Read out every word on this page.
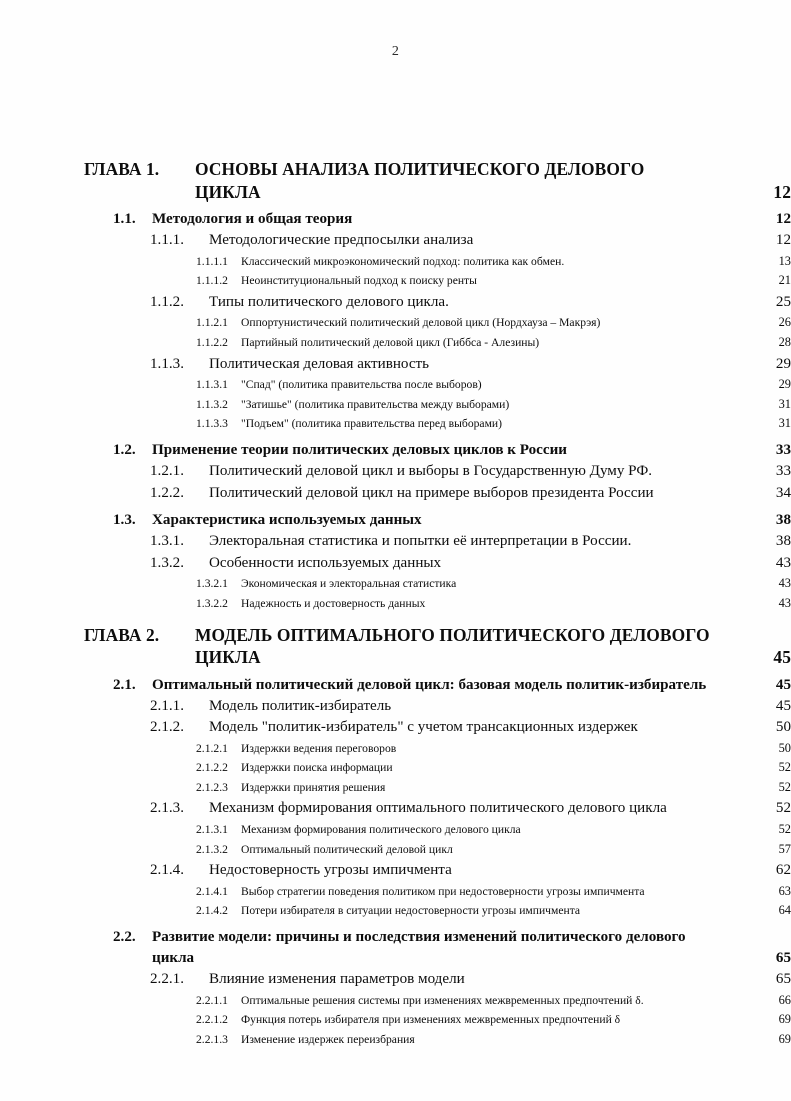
2
ГЛАВА 1. ОСНОВЫ АНАЛИЗА ПОЛИТИЧЕСКОГО ДЕЛОВОГО ЦИКЛА	12
1.1. Методология и общая теория	12
1.1.1. Методологические предпосылки анализа	12
1.1.1.1 Классический микроэкономический подход: политика как обмен.	13
1.1.1.2 Неоинституциональный подход к поиску ренты	21
1.1.2. Типы политического делового цикла.	25
1.1.2.1 Оппортунистический политический деловой цикл (Нордхауза – Макрэя)	26
1.1.2.2 Партийный политический деловой цикл (Гиббса - Алезины)	28
1.1.3. Политическая деловая активность	29
1.1.3.1 "Спад" (политика правительства после выборов)	29
1.1.3.2 "Затишье" (политика правительства между выборами)	31
1.1.3.3 "Подъем" (политика правительства перед выборами)	31
1.2. Применение теории политических деловых циклов к России	33
1.2.1. Политический деловой цикл и выборы в Государственную Думу РФ.	33
1.2.2. Политический деловой цикл на примере выборов президента России	34
1.3. Характеристика используемых данных	38
1.3.1. Электоральная статистика и попытки её интерпретации в России.	38
1.3.2. Особенности используемых данных	43
1.3.2.1 Экономическая и электоральная статистика	43
1.3.2.2 Надежность и достоверность данных	43
ГЛАВА 2. МОДЕЛЬ ОПТИМАЛЬНОГО ПОЛИТИЧЕСКОГО ДЕЛОВОГО ЦИКЛА	45
2.1. Оптимальный политический деловой цикл: базовая модель политик-избиратель	45
2.1.1. Модель политик-избиратель	45
2.1.2. Модель "политик-избиратель" с учетом трансакционных издержек	50
2.1.2.1 Издержки ведения переговоров	50
2.1.2.2 Издержки поиска информации	52
2.1.2.3 Издержки принятия решения	52
2.1.3. Механизм формирования оптимального политического делового цикла	52
2.1.3.1 Механизм формирования политического делового цикла	52
2.1.3.2 Оптимальный политический деловой цикл	57
2.1.4. Недостоверность угрозы импичмента	62
2.1.4.1 Выбор стратегии поведения политиком при недостоверности угрозы импичмента	63
2.1.4.2 Потери избирателя в ситуации недостоверности угрозы импичмента	64
2.2. Развитие модели: причины и последствия изменений политического делового цикла	65
2.2.1. Влияние изменения параметров модели	65
2.2.1.1 Оптимальные решения системы при изменениях межвременных предпочтений δ.	66
2.2.1.2 Функция потерь избирателя при изменениях межвременных предпочтений δ	69
2.2.1.3 Изменение издержек переизбрания	69
